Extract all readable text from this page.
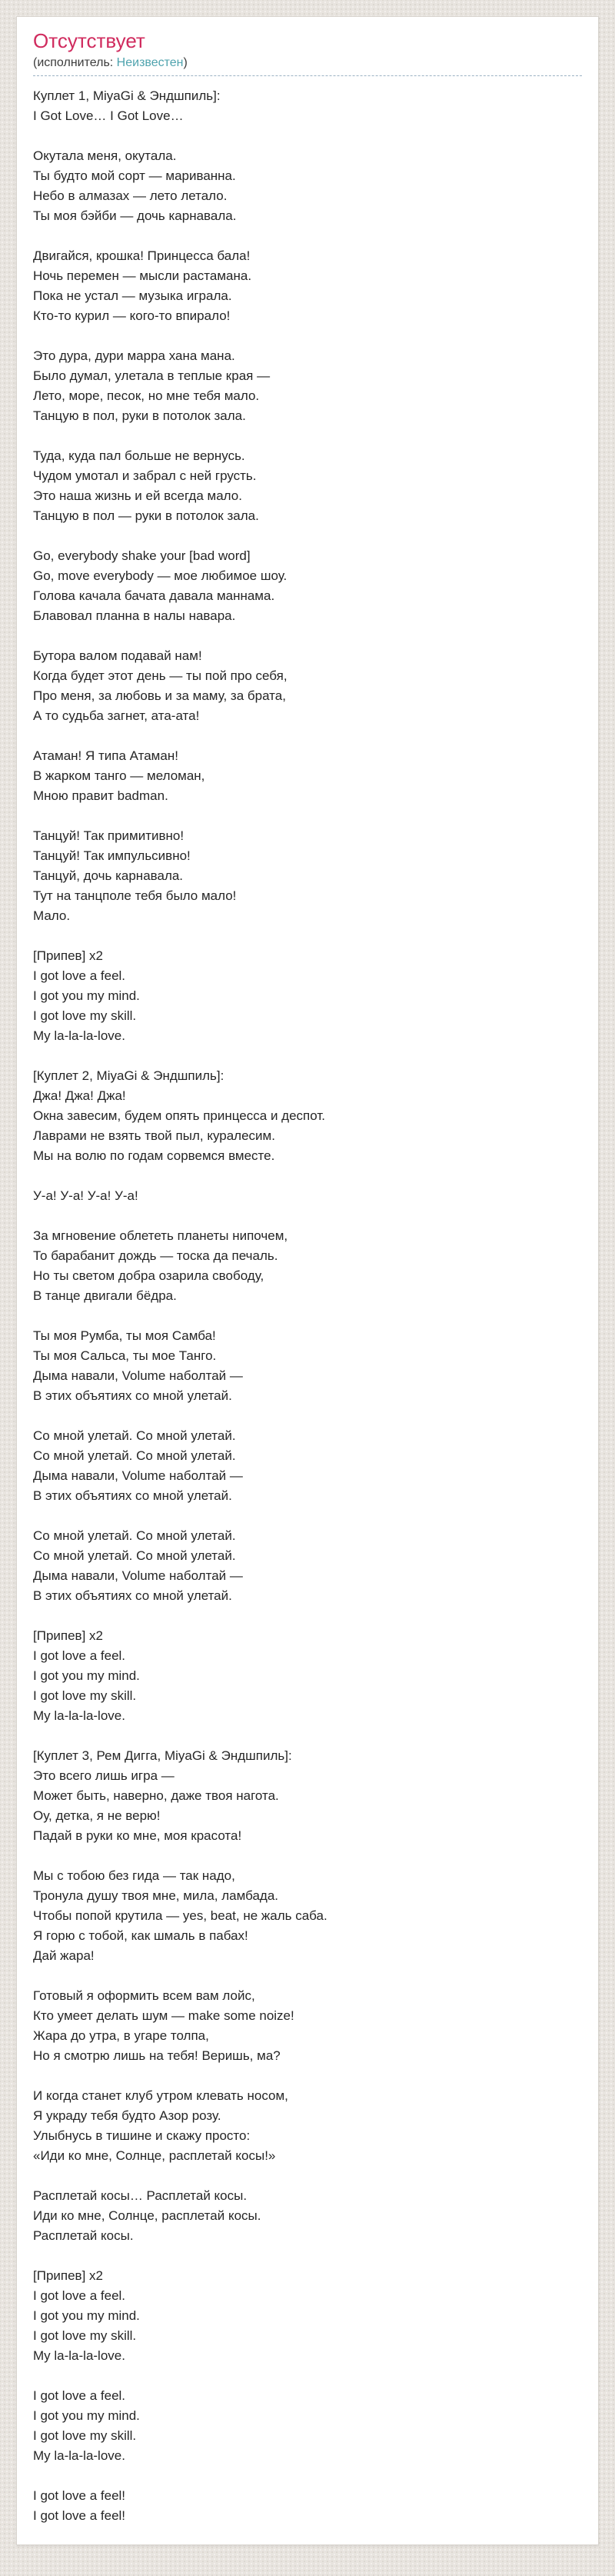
Отсутствует
(исполнитель: Неизвестен)

Куплет 1, MiyaGi & Эндшпиль]:

I Got Love… I Got Love…

Окутала меня, окутала.

Ты будто мой сорт — мариванна.

Небо в алмазах — лето летало.

Ты моя бэйби — дочь карнавала.

Двигайся, крошка! Принцесса бала!

Ночь перемен — мысли растамана.

Пока не устал — музыка играла.

Кто-то курил — кого-то впирало!

Это дура, дури марра хана мана.

Было думал, улетала в теплые края —

Лето, море, песок, но мне тебя мало.

Танцую в пол, руки в потолок зала.

Туда, куда пал больше не вернусь.

Чудом умотал и забрал с ней грусть.

Это наша жизнь и ей всегда мало.

Танцую в пол — руки в потолок зала.

Go, everybody shake your [bad word]

Go, move everybody — мое любимое шоу.

Голова качала бачата давала маннама.

Блавовал планна в налы навара.

Бутора валом подавай нам!

Когда будет этот день — ты пой про себя,

Про меня, за любовь и за маму, за брата,

А то судьба загнет, ата-ата!

Атаман! Я типа Атаман!

В жарком танго — меломан,

Мною правит badman.

Танцуй! Так примитивно!

Танцуй! Так импульсивно!

Танцуй, дочь карнавала.

Тут на танцполе тебя было мало!

Мало.

[Припев] x2

I got love a feel.

I got you my mind.

I got love my skill.

My la-la-la-love.

[Куплет 2, MiyaGi & Эндшпиль]:

Джа! Джа! Джа!

Окна завесим, будем опять принцесса и деспот.

Лаврами не взять твой пыл, куралесим.

Мы на волю по годам сорвемся вместе.

У-а! У-а! У-а! У-а!

За мгновение облететь планеты нипочем,

То барабанит дождь — тоска да печаль.

Но ты светом добра озарила свободу,

В танце двигали бёдра.

Ты моя Румба, ты моя Самба!

Ты моя Сальса, ты мое Танго.

Дыма навали, Volume наболтай —

В этих объятиях со мной улетай.

Со мной улетай. Со мной улетай.

Со мной улетай. Со мной улетай.

Дыма навали, Volume наболтай —

В этих объятиях со мной улетай.

Со мной улетай. Со мной улетай.

Со мной улетай. Со мной улетай.

Дыма навали, Volume наболтай —

В этих объятиях со мной улетай.

[Припев] x2

I got love a feel.

I got you my mind.

I got love my skill.

My la-la-la-love.

[Куплет 3, Рем Дигга, MiyaGi & Эндшпиль]:

Это всего лишь игра —

Может быть, наверно, даже твоя нагота.

Оу, детка, я не верю!

Падай в руки ко мне, моя красота!

Мы с тобою без гида — так надо,

Тронула душу твоя мне, мила, ламбада.

Чтобы попой крутила — yes, beat, не жаль саба.

Я горю с тобой, как шмаль в пабах!

Дай жара!

Готовый я оформить всем вам лойс,

Кто умеет делать шум — make some noize!

Жара до утра, в угаре толпа,

Но я смотрю лишь на тебя! Веришь, ма?

И когда станет клуб утром клевать носом,

Я украду тебя будто Азор розу.

Улыбнусь в тишине и скажу просто:

«Иди ко мне, Солнце, расплетай косы!»

Расплетай косы… Расплетай косы.

Иди ко мне, Солнце, расплетай косы.

Расплетай косы.

[Припев] x2

I got love a feel.

I got you my mind.

I got love my skill.

My la-la-la-love.

I got love a feel.

I got you my mind.

I got love my skill.

My la-la-la-love.

I got love a feel!

I got love a feel!
